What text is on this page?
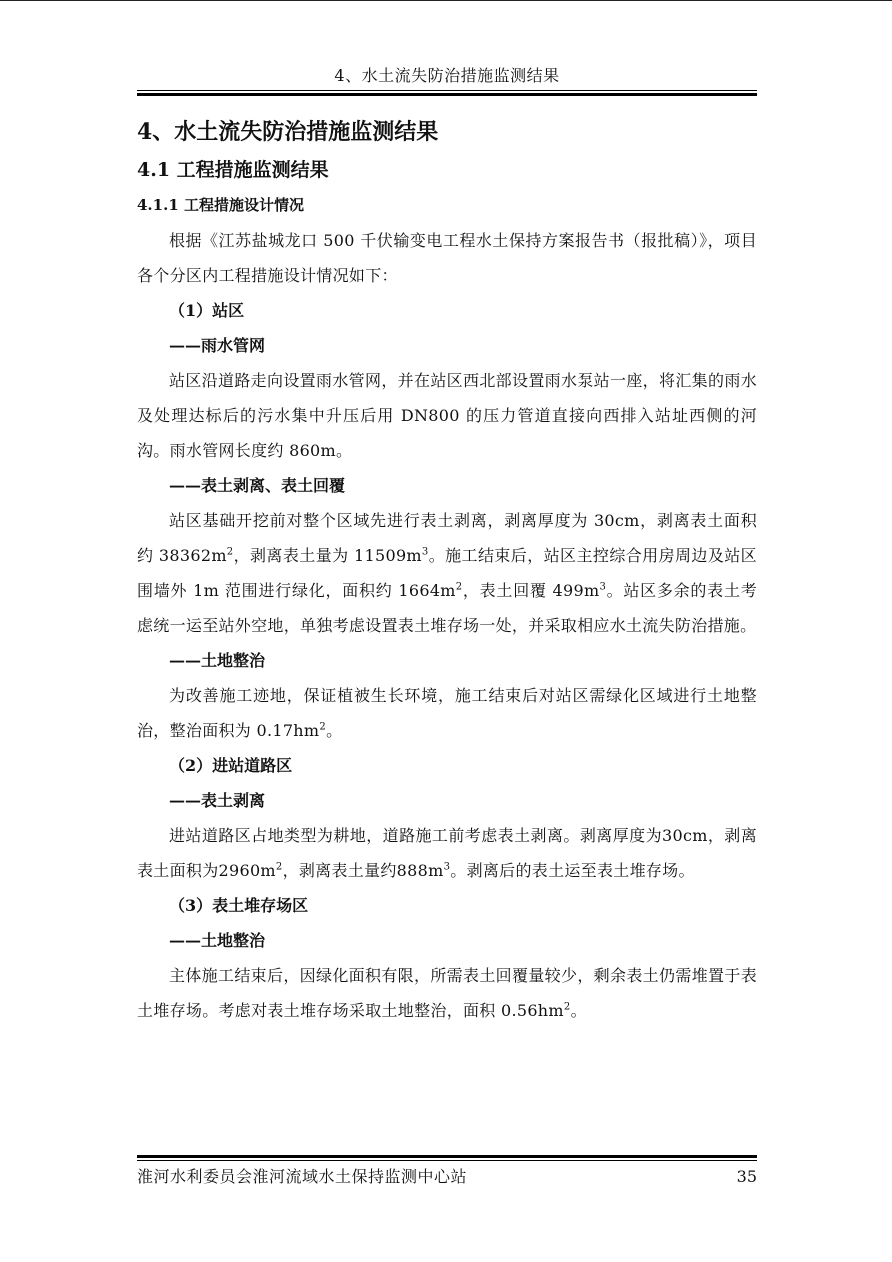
4、水土流失防治措施监测结果
4、水土流失防治措施监测结果
4.1 工程措施监测结果
4.1.1 工程措施设计情况

根据《江苏盐城龙口 500 千伏输变电工程水土保持方案报告书（报批稿）》，项目各个分区内工程措施设计情况如下：

（1）站区

——雨水管网

站区沿道路走向设置雨水管网，并在站区西北部设置雨水泵站一座，将汇集的雨水及处理达标后的污水集中升压后用 DN800 的压力管道直接向西排入站址西侧的河沟。雨水管网长度约 860m。

——表土剥离、表土回覆

站区基础开挖前对整个区域先进行表土剥离，剥离厚度为 30cm，剥离表土面积约 $38362m^2$，剥离表土量为 $11509m^3$。施工结束后，站区主控综合用房周边及站区围墙外 1m 范围进行绿化，面积约 $1664m^2$，表土回覆 $499m^3$。站区多余的表土考虑统一运至站外空地，单独考虑设置表土堆存场一处，并采取相应水土流失防治措施。

——土地整治

为改善施工迹地，保证植被生长环境，施工结束后对站区需绿化区域进行土地整治，整治面积为 $0.17hm^2$。

（2）进站道路区

——表土剥离

进站道路区占地类型为耕地，道路施工前考虑表土剥离。剥离厚度为30cm，剥离表土面积为$2960m^2$，剥离表土量约$888m^3$。剥离后的表土运至表土堆存场。

（3）表土堆存场区

——土地整治

主体施工结束后，因绿化面积有限，所需表土回覆量较少，剩余表土仍需堆置于表土堆存场。考虑对表土堆存场采取土地整治，面积 $0.56hm^2$。

淮河水利委员会淮河流域水土保持监测中心站	35
